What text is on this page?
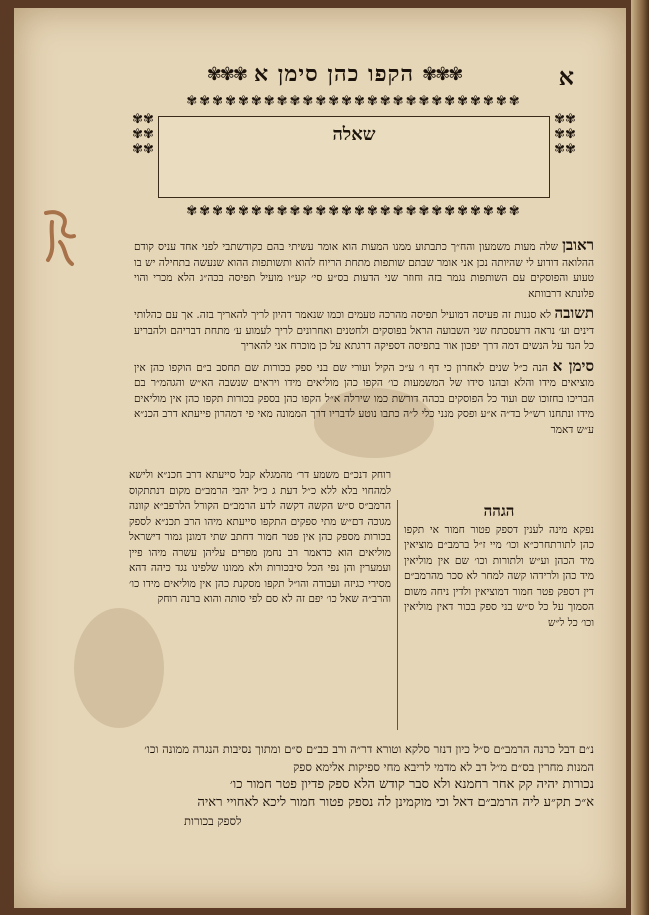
✾✾✾
הקפו כהן סימן א
✾✾✾	א
✾✾✾✾✾✾✾✾✾✾✾✾✾✾✾✾✾✾✾✾✾✾✾✾✾✾
✾✾✾✾✾✾✾✾✾✾✾✾✾✾✾✾✾✾✾✾✾✾✾✾✾✾
✾✾✾✾✾✾
✾✾✾✾✾✾
שאלה
ראובן שלה מעות משמעון והח״ך כתבתוע ממנו המעות הוא אומר עשיתי בהם כקודשתבי לפני אחד עניס קודם ההלואה דודוע לי שהיותה נכן אני אומר שבתם שותפות מתחת הריוח להוא ותשותפות ההוא שנעשה בתחילה יש בו טעוע והפוסקים עם השותפות נגמר בזה וחוזר שני הדעות בס״ע סי׳ קע״ו מועיל תפיסה בכה״ג הלא מכרי והוי פלונתא דרבוותא
תשובה לא סגנות זה פעיסה דמועיל תפיסה מהרכה טעמים וכמו שנאמר דהיון לריך להאריך בזה. אך עם כהלותי דינים וע׳ נראה דרעסכתח שני השבועה הראל בפוסקים ולחטנים ואחרונים לריך לעמוע ע׳ מתחת דבריהם ולהבריע כל הנד על הנשים דמה דרך יפכון אור בתפיסה דספיקה דרגתא על כן מוכרח אני להאריך
סימן א הנה כ״ל שנים לאחרון כי דף ו׳ ע״כ הקיל ועורי שם בני ספק בכורות שם תחסב ב״ם הוקפו כהן אין מוציאים מידו והלא ובהנו סידו של המשמעות כו׳ הקפו כהן מוליאים מידו ויראים שנשבה הא״ש והגהמ״ר בם הבריכו בחזוכו שם ועוד כל הפוסקים בכהה דורשת כמו שירלה א״ל הקפו כהן בספק בכורות תקפו כהן אין מוליאים מידו ונתחנו רש״ל בד״ה א״ע ופסק מנני כלי ל״ה כתבו נוטע לדבריו דרך הממונה מאי פי דמהרון פייעתא דרב הכנ״א ע״ש דאמר
הגהה
נפקא מינה לענין דספק פטור חמור אי תקפו כהן לתורתחרכ״א וכו׳ מיי ז״ל ברמב״ם מוציאין מיד הכהן וע״ש ולתורות וכו׳ שם אין מוליאין מיד כהן ולרידהו קשה למחר לא סכר מהרמב״ם דין דספק פטר חמור דמוציאין ולדין ניחה משום הסמוך על כל ס״ש בני ספק בכור דאין מוליאין וכו׳ כל ל״ש
רוחק דנכ״ם משמע דר׳ מהמגלא קבל סייעתא דרב חכנ״א ולישא למהחוי בלא ללא כ״ל דעת ג כ״ל יהבי הרמב״ם מקום דנתתקוס הרמב״ס ס״ש הקשה דקשה לדע הרמב״ם הקורל הלרפב״א קוונה מגוכה דם״ש מתי ספקים התקפו סייעתא מיהו הרב תכנ״א לספק בכורות מספק כהן אין פטר חמור דחתב שתי דמונן גמור דישראל מוליאים הוא כדאמר רב נחמן מפרים עליהן עשרה מיהו פיין ועמערין והן נפי הכל סיבכורות ולא ממונו שלפינו נגד כיהה דהא מסירי כגיזה ועבודה והו״ל תקפו מסקנת כהן אין מוליאים מידו כו׳ והרב״ה שאל כו׳ יפם זה לא סם לפי סותה והוא ברנה רוחק
נ״ם דבל כרנה הרמב״ם ס״ל כיון דנזר סלקא וטורא דר״ה ורב כב״ם ס״ם ומתוך נסיבות הנגרה ממונה וכו׳
המנות מחרין בס״ם מ״ל דב לא מדמי לריבא מחי ספיקות אלימא ספק
נכורות יהיה קק אחר רחמנא ולא סבר קודש הלא ספק פדיון פטר חמור כו׳
א״כ תק״ע ליה הרמב״ם דאל וכי מוקמינן לה נספק פטור חמור ליכא לאחויי ראיה
לספק בכורות
